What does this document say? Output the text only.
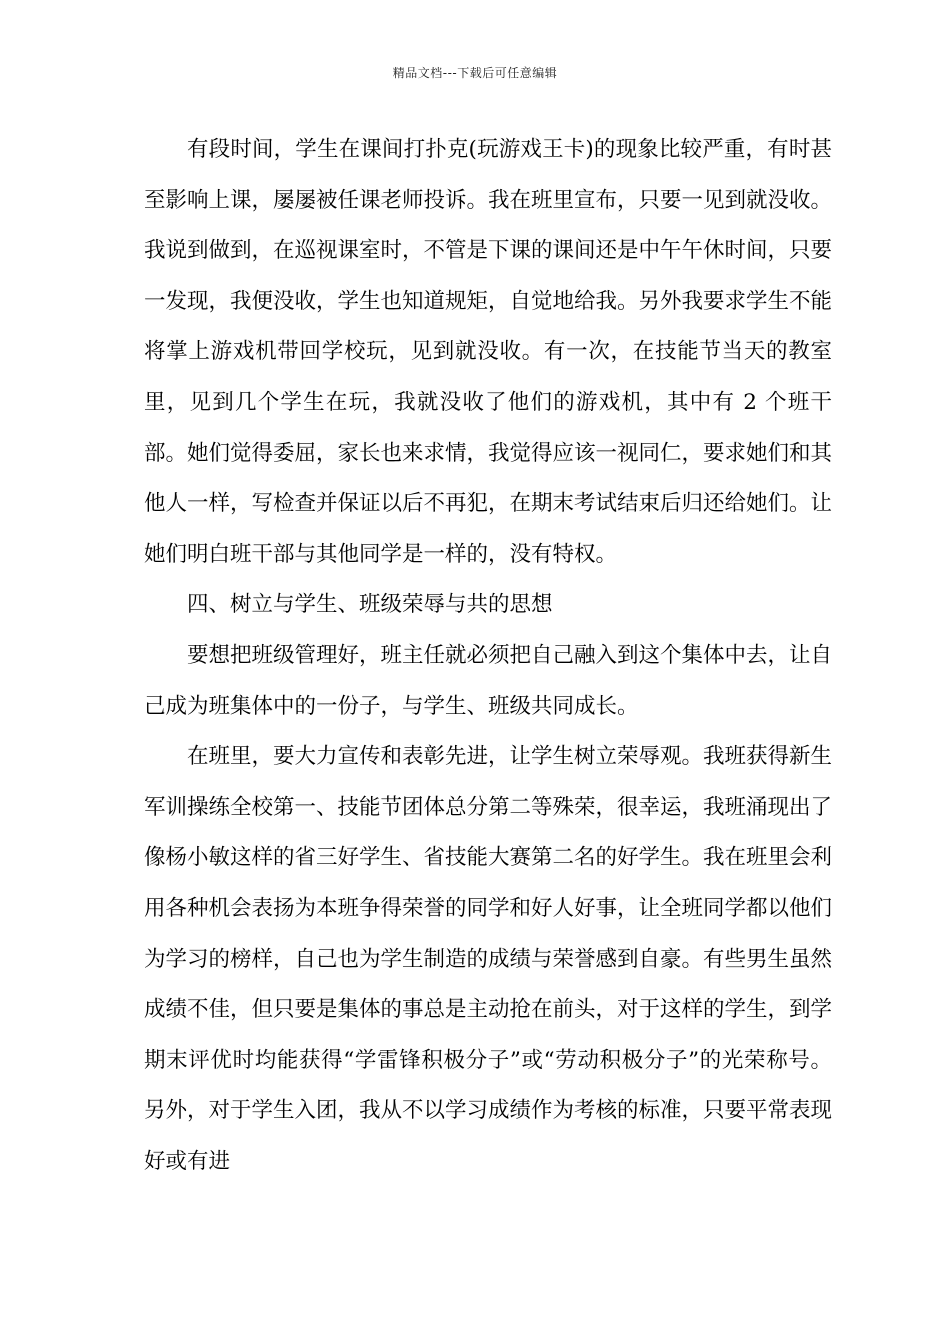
精品文档---下载后可任意编辑

有段时间，学生在课间打扑克(玩游戏王卡)的现象比较严重，有时甚至影响上课，屡屡被任课老师投诉。我在班里宣布，只要一见到就没收。我说到做到，在巡视课室时，不管是下课的课间还是中午午休时间，只要一发现，我便没收，学生也知道规矩，自觉地给我。另外我要求学生不能将掌上游戏机带回学校玩，见到就没收。有一次，在技能节当天的教室里，见到几个学生在玩，我就没收了他们的游戏机，其中有 2 个班干部。她们觉得委屈，家长也来求情，我觉得应该一视同仁，要求她们和其他人一样，写检查并保证以后不再犯，在期末考试结束后归还给她们。让她们明白班干部与其他同学是一样的，没有特权。

四、树立与学生、班级荣辱与共的思想

要想把班级管理好，班主任就必须把自己融入到这个集体中去，让自己成为班集体中的一份子，与学生、班级共同成长。

在班里，要大力宣传和表彰先进，让学生树立荣辱观。我班获得新生军训操练全校第一、技能节团体总分第二等殊荣，很幸运，我班涌现出了像杨小敏这样的省三好学生、省技能大赛第二名的好学生。我在班里会利用各种机会表扬为本班争得荣誉的同学和好人好事，让全班同学都以他们为学习的榜样，自己也为学生制造的成绩与荣誉感到自豪。有些男生虽然成绩不佳，但只要是集体的事总是主动抢在前头，对于这样的学生，到学期末评优时均能获得“学雷锋积极分子”或“劳动积极分子”的光荣称号。另外，对于学生入团，我从不以学习成绩作为考核的标准，只要平常表现好或有进
